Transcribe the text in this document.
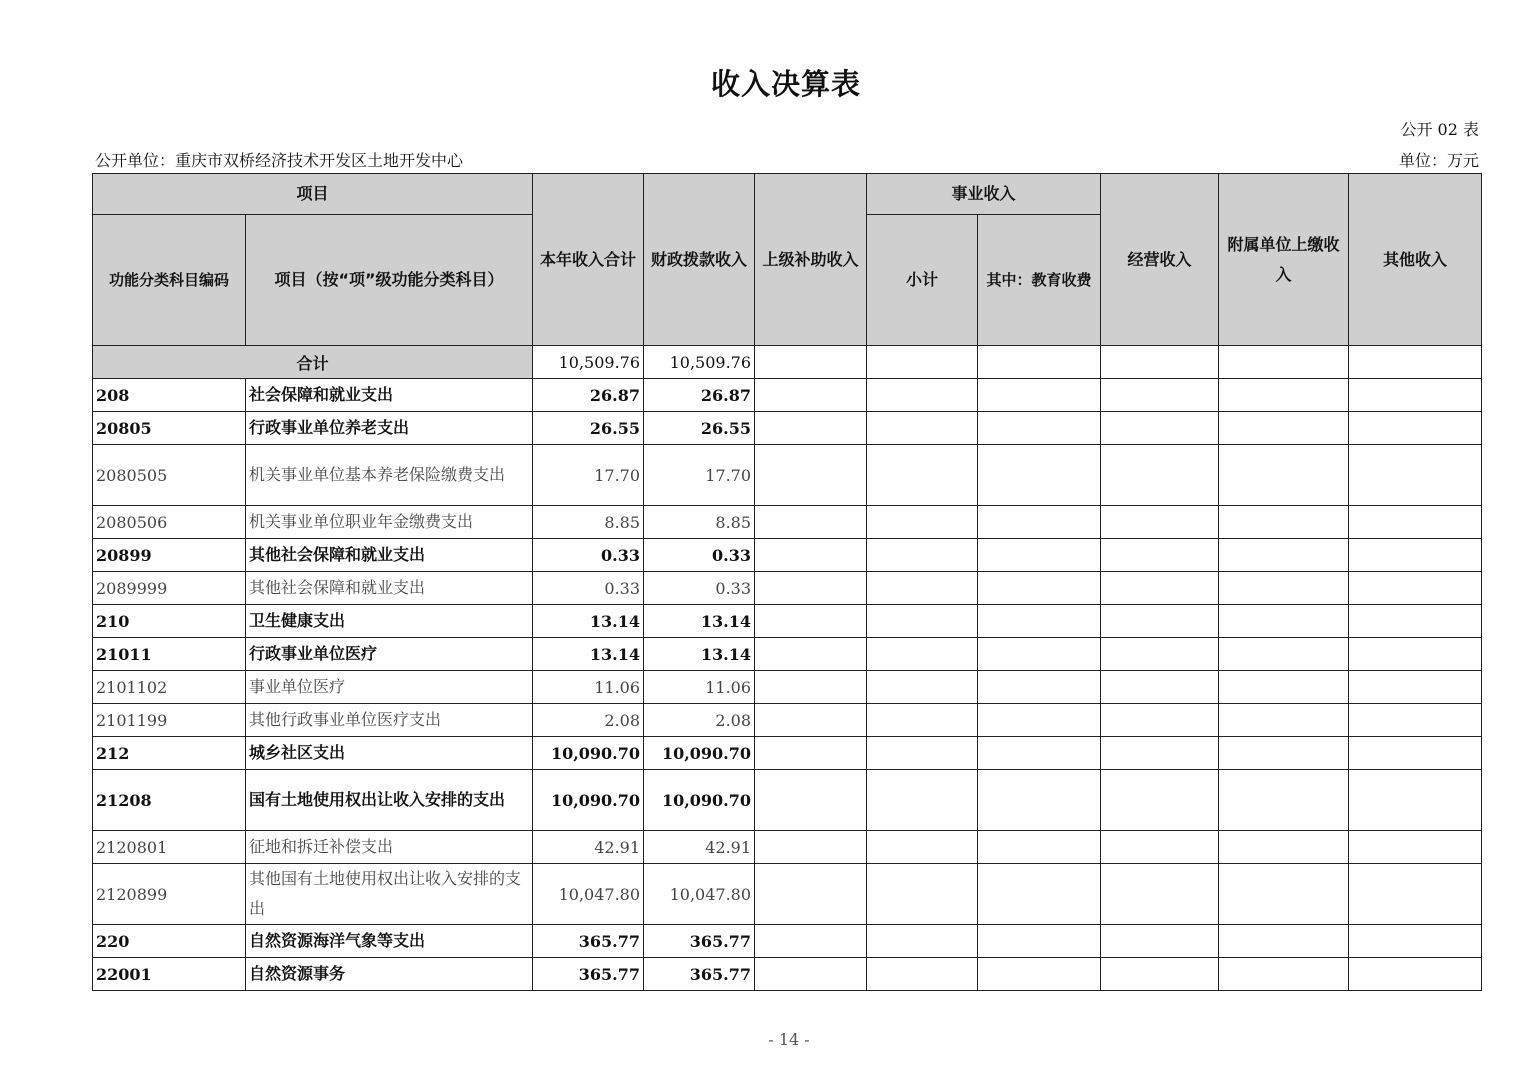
收入决算表
公开 02 表
公开单位：重庆市双桥经济技术开发区土地开发中心	单位：万元
项目		本年收入合计	财政拨款收入	上级补助收入	事业收入		经营收入	附属单位上缴收入	其他收入
功能分类科目编码	项目（按“项”级功能分类科目）				小计	其中：教育收费			
合计		10,509.76	10,509.76						
208	社会保障和就业支出	26.87	26.87						
20805	行政事业单位养老支出	26.55	26.55						
2080505	机关事业单位基本养老保险缴费支出	17.70	17.70						
2080506	机关事业单位职业年金缴费支出	8.85	8.85						
20899	其他社会保障和就业支出	0.33	0.33						
2089999	其他社会保障和就业支出	0.33	0.33						
210	卫生健康支出	13.14	13.14						
21011	行政事业单位医疗	13.14	13.14						
2101102	事业单位医疗	11.06	11.06						
2101199	其他行政事业单位医疗支出	2.08	2.08						
212	城乡社区支出	10,090.70	10,090.70						
21208	国有土地使用权出让收入安排的支出	10,090.70	10,090.70						
2120801	征地和拆迁补偿支出	42.91	42.91						
2120899	其他国有土地使用权出让收入安排的支出	10,047.80	10,047.80						
220	自然资源海洋气象等支出	365.77	365.77						
22001	自然资源事务	365.77	365.77						
- 14 -
